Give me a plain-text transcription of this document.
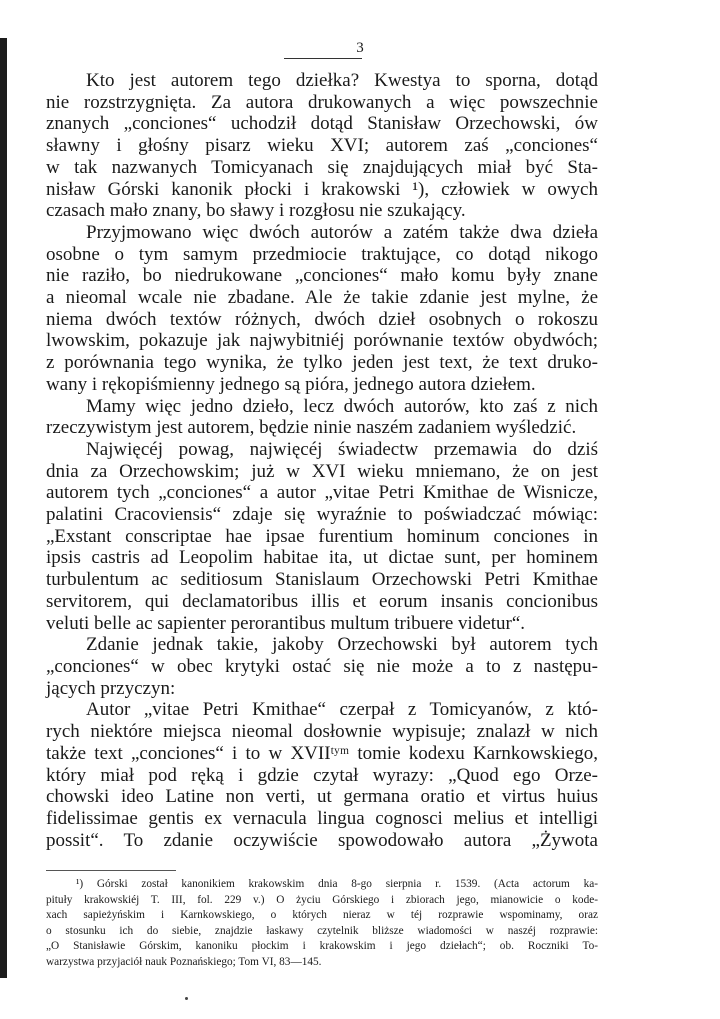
3
Kto jest autorem tego dziełka? Kwestya to sporna, dotąd
nie rozstrzygnięta. Za autora drukowanych a więc powszechnie
znanych „conciones“ uchodził dotąd Stanisław Orzechowski, ów
sławny i głośny pisarz wieku XVI; autorem zaś „conciones“
w tak nazwanych Tomicyanach się znajdujących miał być Sta-
nisław Górski kanonik płocki i krakowski ¹), człowiek w owych
czasach mało znany, bo sławy i rozgłosu nie szukający.
Przyjmowano więc dwóch autorów a zatém także dwa dzieła
osobne o tym samym przedmiocie traktujące, co dotąd nikogo
nie raziło, bo niedrukowane „conciones“ mało komu były znane
a nieomal wcale nie zbadane. Ale że takie zdanie jest mylne, że
niema dwóch textów różnych, dwóch dzieł osobnych o rokoszu
lwowskim, pokazuje jak najwybitniéj porównanie textów obydwóch;
z porównania tego wynika, że tylko jeden jest text, że text druko-
wany i rękopiśmienny jednego są pióra, jednego autora dziełem.
Mamy więc jedno dzieło, lecz dwóch autorów, kto zaś z nich
rzeczywistym jest autorem, będzie ninie naszém zadaniem wyśledzić.
Najwięcéj powag, najwięcéj świadectw przemawia do dziś
dnia za Orzechowskim; już w XVI wieku mniemano, że on jest
autorem tych „conciones“ a autor „vitae Petri Kmithae de Wisnicze,
palatini Cracoviensis“ zdaje się wyraźnie to poświadczać mówiąc:
„Exstant conscriptae hae ipsae furentium hominum conciones in
ipsis castris ad Leopolim habitae ita, ut dictae sunt, per hominem
turbulentum ac seditiosum Stanislaum Orzechowski Petri Kmithae
servitorem, qui declamatoribus illis et eorum insanis concionibus
veluti belle ac sapienter perorantibus multum tribuere videtur“.
Zdanie jednak takie, jakoby Orzechowski był autorem tych
„conciones“ w obec krytyki ostać się nie może a to z następu-
jących przyczyn:
Autor „vitae Petri Kmithae“ czerpał z Tomicyanów, z któ-
rych niektóre miejsca nieomal dosłownie wypisuje; znalazł w nich
także text „conciones“ i to w XVIIᵗʸᵐ tomie kodexu Karnkowskiego,
który miał pod ręką i gdzie czytał wyrazy: „Quod ego Orze-
chowski ideo Latine non verti, ut germana oratio et virtus huius
fidelissimae gentis ex vernacula lingua cognosci melius et intelligi
possit“. To zdanie oczywiście spowodowało autora „Żywota
¹) Górski został kanonikiem krakowskim dnia 8-go sierpnia r. 1539. (Acta actorum ka-
pituły krakowskiéj T. III, fol. 229 v.) O życiu Górskiego i zbiorach jego, mianowicie o kode-
xach sapieżyńskim i Karnkowskiego, o których nieraz w téj rozprawie wspominamy, oraz
o stosunku ich do siebie, znajdzie łaskawy czytelnik bliższe wiadomości w naszéj rozprawie:
„O Stanisławie Górskim, kanoniku płockim i krakowskim i jego dziełach“; ob. Roczniki To-
warzystwa przyjaciół nauk Poznańskiego; Tom VI, 83—145.
